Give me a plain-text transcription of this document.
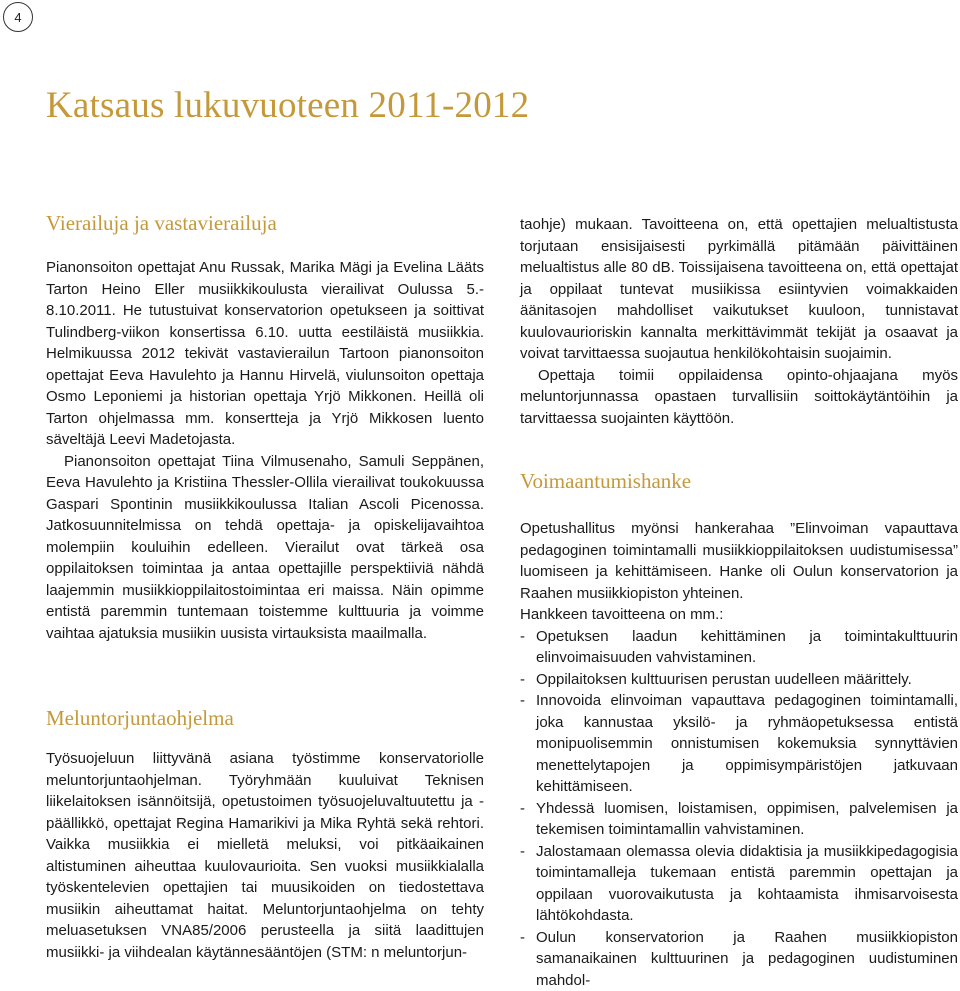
4
Katsaus lukuvuoteen 2011-2012
Vierailuja ja vastavierailuja

Pianonsoiton opettajat Anu Russak, Marika Mägi ja Evelina Lääts Tarton Heino Eller musiikkikoulusta vierailivat Oulussa 5.- 8.10.2011. He tutustuivat konservatorion opetukseen ja soittivat Tulindberg-viikon konsertissa 6.10. uutta eestiläistä musiikkia. Helmikuussa 2012 tekivät vastavierailun Tartoon pianonsoiton opettajat Eeva Havulehto ja Hannu Hirvelä, viulunsoiton opettaja Osmo Leponiemi ja historian opettaja Yrjö Mikkonen. Heillä oli Tarton ohjelmassa mm. konsertteja ja Yrjö Mikkosen luento säveltäjä Leevi Madetojasta.

Pianonsoiton opettajat Tiina Vilmusenaho, Samuli Seppänen, Eeva Havulehto ja Kristiina Thessler-Ollila vierailivat toukokuussa Gaspari Spontinin musiikkikoulussa Italian Ascoli Picenossa. Jatkosuunnitelmissa on tehdä opettaja- ja opiskelijavaihtoa molempiin kouluihin edelleen. Vierailut ovat tärkeä osa oppilaitoksen toimintaa ja antaa opettajille perspektiiviä nähdä laajemmin musiikkioppilaitostoimintaa eri maissa. Näin opimme entistä paremmin tuntemaan toistemme kulttuuria ja voimme vaihtaa ajatuksia musiikin uusista virtauksista maailmalla.

Meluntorjuntaohjelma

Työsuojeluun liittyvänä asiana työstimme konservatoriolle meluntorjuntaohjelman. Työryhmään kuuluivat Teknisen liikelaitoksen isännöitsijä, opetustoimen työsuojeluvaltuutettu ja -päällikkö, opettajat Regina Hamarikivi ja Mika Ryhtä sekä rehtori. Vaikka musiikkia ei mielletä meluksi, voi pitkäaikainen altistuminen aiheuttaa kuulovaurioita. Sen vuoksi musiikkialalla työskentelevien opettajien tai muusikoiden on tiedostettava musiikin aiheuttamat haitat. Meluntorjuntaohjelma on tehty meluasetuksen VNA85/2006 perusteella ja siitä laadittujen musiikki- ja viihdealan käytännesääntöjen (STM: n meluntorjun-

taohje) mukaan. Tavoitteena on, että opettajien melualtistusta torjutaan ensisijaisesti pyrkimällä pitämään päivittäinen melualtistus alle 80 dB. Toissijaisena tavoitteena on, että opettajat ja oppilaat tuntevat musiikissa esiintyvien voimakkaiden äänitasojen mahdolliset vaikutukset kuuloon, tunnistavat kuulovaurioriskin kannalta merkittävimmät tekijät ja osaavat ja voivat tarvittaessa suojautua henkilökohtaisin suojaimin.

Opettaja toimii oppilaidensa opinto-ohjaajana myös meluntorjunnassa opastaen turvallisiin soittokäytäntöihin ja tarvittaessa suojainten käyttöön.

Voimaantumishanke

Opetushallitus myönsi hankerahaa ”Elinvoiman vapauttava pedagoginen toimintamalli musiikkioppilaitoksen uudistumisessa” luomiseen ja kehittämiseen. Hanke oli Oulun konservatorion ja Raahen musiikkiopiston yhteinen.

Hankkeen tavoitteena on mm.:

- Opetuksen laadun kehittäminen ja toimintakulttuurin elinvoimaisuuden vahvistaminen.
- Oppilaitoksen kulttuurisen perustan uudelleen määrittely.
- Innovoida elinvoiman vapauttava pedagoginen toimintamalli, joka kannustaa yksilö- ja ryhmäopetuksessa entistä monipuolisemmin onnistumisen kokemuksia synnyttävien menettelytapojen ja oppimisympäristöjen jatkuvaan kehittämiseen.
- Yhdessä luomisen, loistamisen, oppimisen, palvelemisen ja tekemisen toimintamallin vahvistaminen.
- Jalostamaan olemassa olevia didaktisia ja musiikkipedagogisia toimintamalleja tukemaan entistä paremmin opettajan ja oppilaan vuorovaikutusta ja kohtaamista ihmisarvoisesta lähtökohdasta.
- Oulun konservatorion ja Raahen musiikkiopiston samanaikainen kulttuurinen ja pedagoginen uudistuminen mahdol-
